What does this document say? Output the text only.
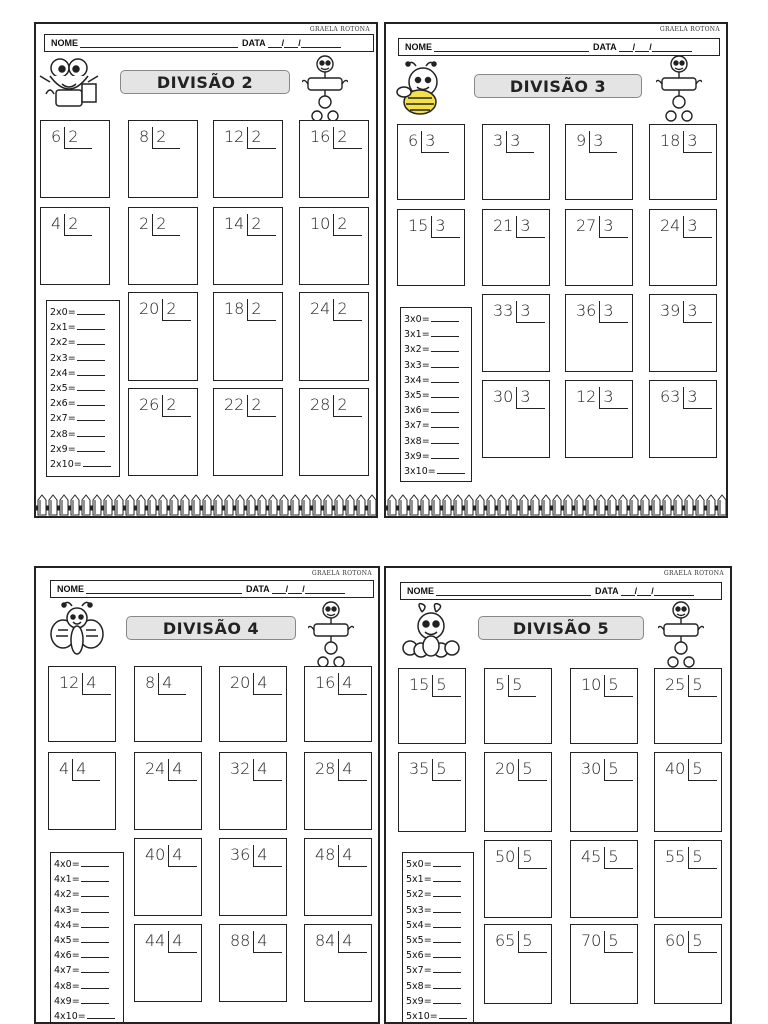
GRAELA ROTONA
NOME	DATA / /
DIVISÃO 2
6 2	8 2	12 2	16 2
4 2	2 2	14 2	10 2
20 2	18 2	24 2
26 2	22 2	28 2
2x0=
2x1=
2x2=
2x3=
2x4=
2x5=
2x6=
2x7=
2x8=
2x9=
2x10=
GRAELA ROTONA
NOME	DATA / /
DIVISÃO 3
6 3	3 3	9 3	18 3
15 3	21 3	27 3	24 3
33 3	36 3	39 3
30 3	12 3	63 3
3x0=
3x1=
3x2=
3x3=
3x4=
3x5=
3x6=
3x7=
3x8=
3x9=
3x10=
GRAELA ROTONA
NOME	DATA / /
DIVISÃO 4
12 4	8 4	20 4	16 4
4 4	24 4	32 4	28 4
40 4	36 4	48 4
44 4	88 4	84 4
4x0=
4x1=
4x2=
4x3=
4x4=
4x5=
4x6=
4x7=
4x8=
4x9=
4x10=
GRAELA ROTONA
NOME	DATA / /
DIVISÃO 5
15 5	5 5	10 5	25 5
35 5	20 5	30 5	40 5
50 5	45 5	55 5
65 5	70 5	60 5
5x0=
5x1=
5x2=
5x3=
5x4=
5x5=
5x6=
5x7=
5x8=
5x9=
5x10=
